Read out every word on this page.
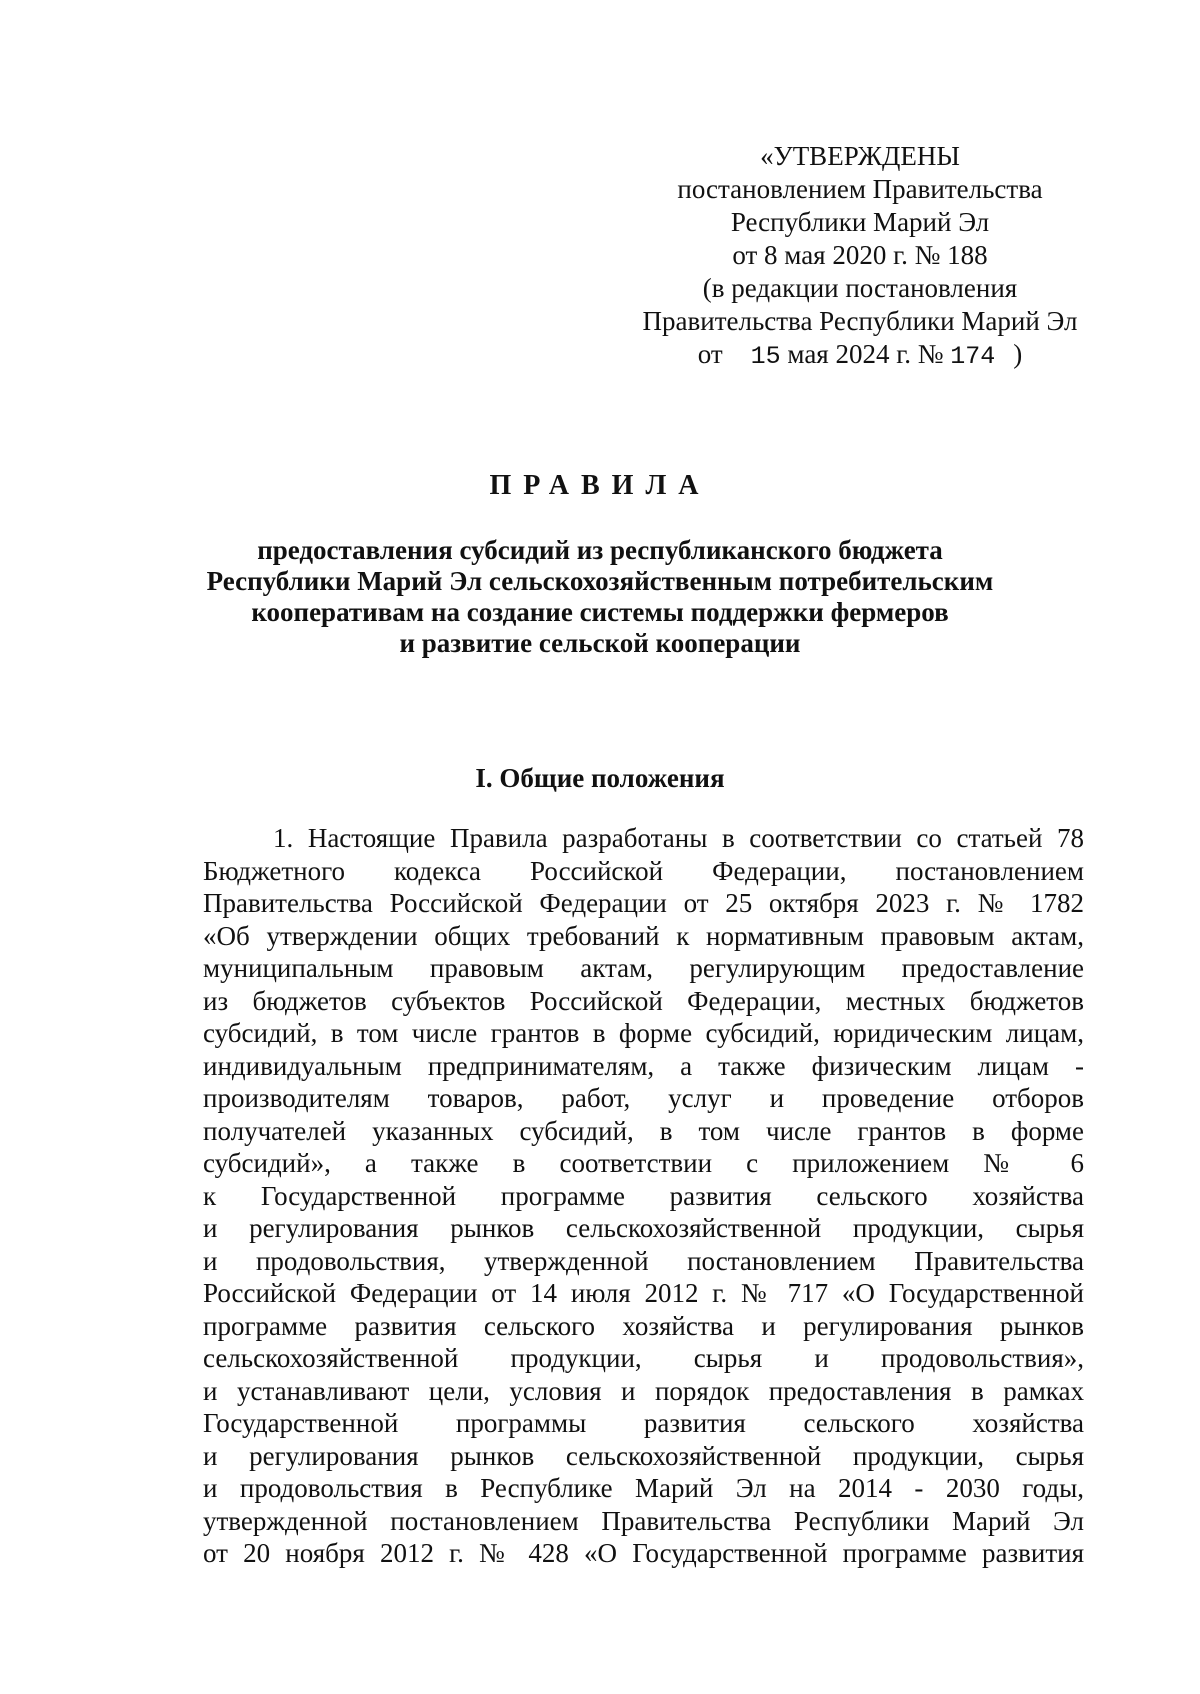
«УТВЕРЖДЕНЫ
постановлением Правительства
Республики Марий Эл
от 8 мая 2020 г. № 188
(в редакции постановления
Правительства Республики Марий Эл
от 15 мая 2024 г. № 174 )
ПРАВИЛА
предоставления субсидий из республиканского бюджета
Республики Марий Эл сельскохозяйственным потребительским
кооперативам на создание системы поддержки фермеров
и развитие сельской кооперации
I. Общие положения
1. Настоящие Правила разработаны в соответствии со статьей 78
Бюджетного кодекса Российской Федерации, постановлением
Правительства Российской Федерации от 25 октября 2023 г. № 1782
«Об утверждении общих требований к нормативным правовым актам,
муниципальным правовым актам, регулирующим предоставление
из бюджетов субъектов Российской Федерации, местных бюджетов
субсидий, в том числе грантов в форме субсидий, юридическим лицам,
индивидуальным предпринимателям, а также физическим лицам -
производителям товаров, работ, услуг и проведение отборов
получателей указанных субсидий, в том числе грантов в форме
субсидий», а также в соответствии с приложением № 6
к Государственной программе развития сельского хозяйства
и регулирования рынков сельскохозяйственной продукции, сырья
и продовольствия, утвержденной постановлением Правительства
Российской Федерации от 14 июля 2012 г. № 717 «О Государственной
программе развития сельского хозяйства и регулирования рынков
сельскохозяйственной продукции, сырья и продовольствия»,
и устанавливают цели, условия и порядок предоставления в рамках
Государственной программы развития сельского хозяйства
и регулирования рынков сельскохозяйственной продукции, сырья
и продовольствия в Республике Марий Эл на 2014 - 2030 годы,
утвержденной постановлением Правительства Республики Марий Эл
от 20 ноября 2012 г. № 428 «О Государственной программе развития
